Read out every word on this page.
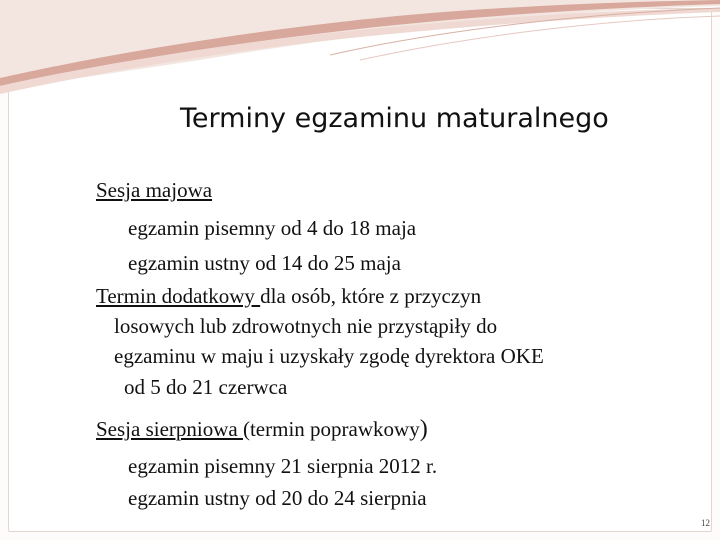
Terminy egzaminu maturalnego
Sesja majowa
egzamin pisemny od 4 do 18 maja
egzamin ustny od 14 do 25 maja
Termin dodatkowy dla osób, które z przyczyn
losowych lub zdrowotnych nie przystąpiły do
egzaminu w maju i uzyskały zgodę dyrektora OKE
od 5 do 21 czerwca
Sesja sierpniowa (termin poprawkowy)
egzamin pisemny 21 sierpnia 2012 r.
egzamin ustny od 20 do 24 sierpnia
12
